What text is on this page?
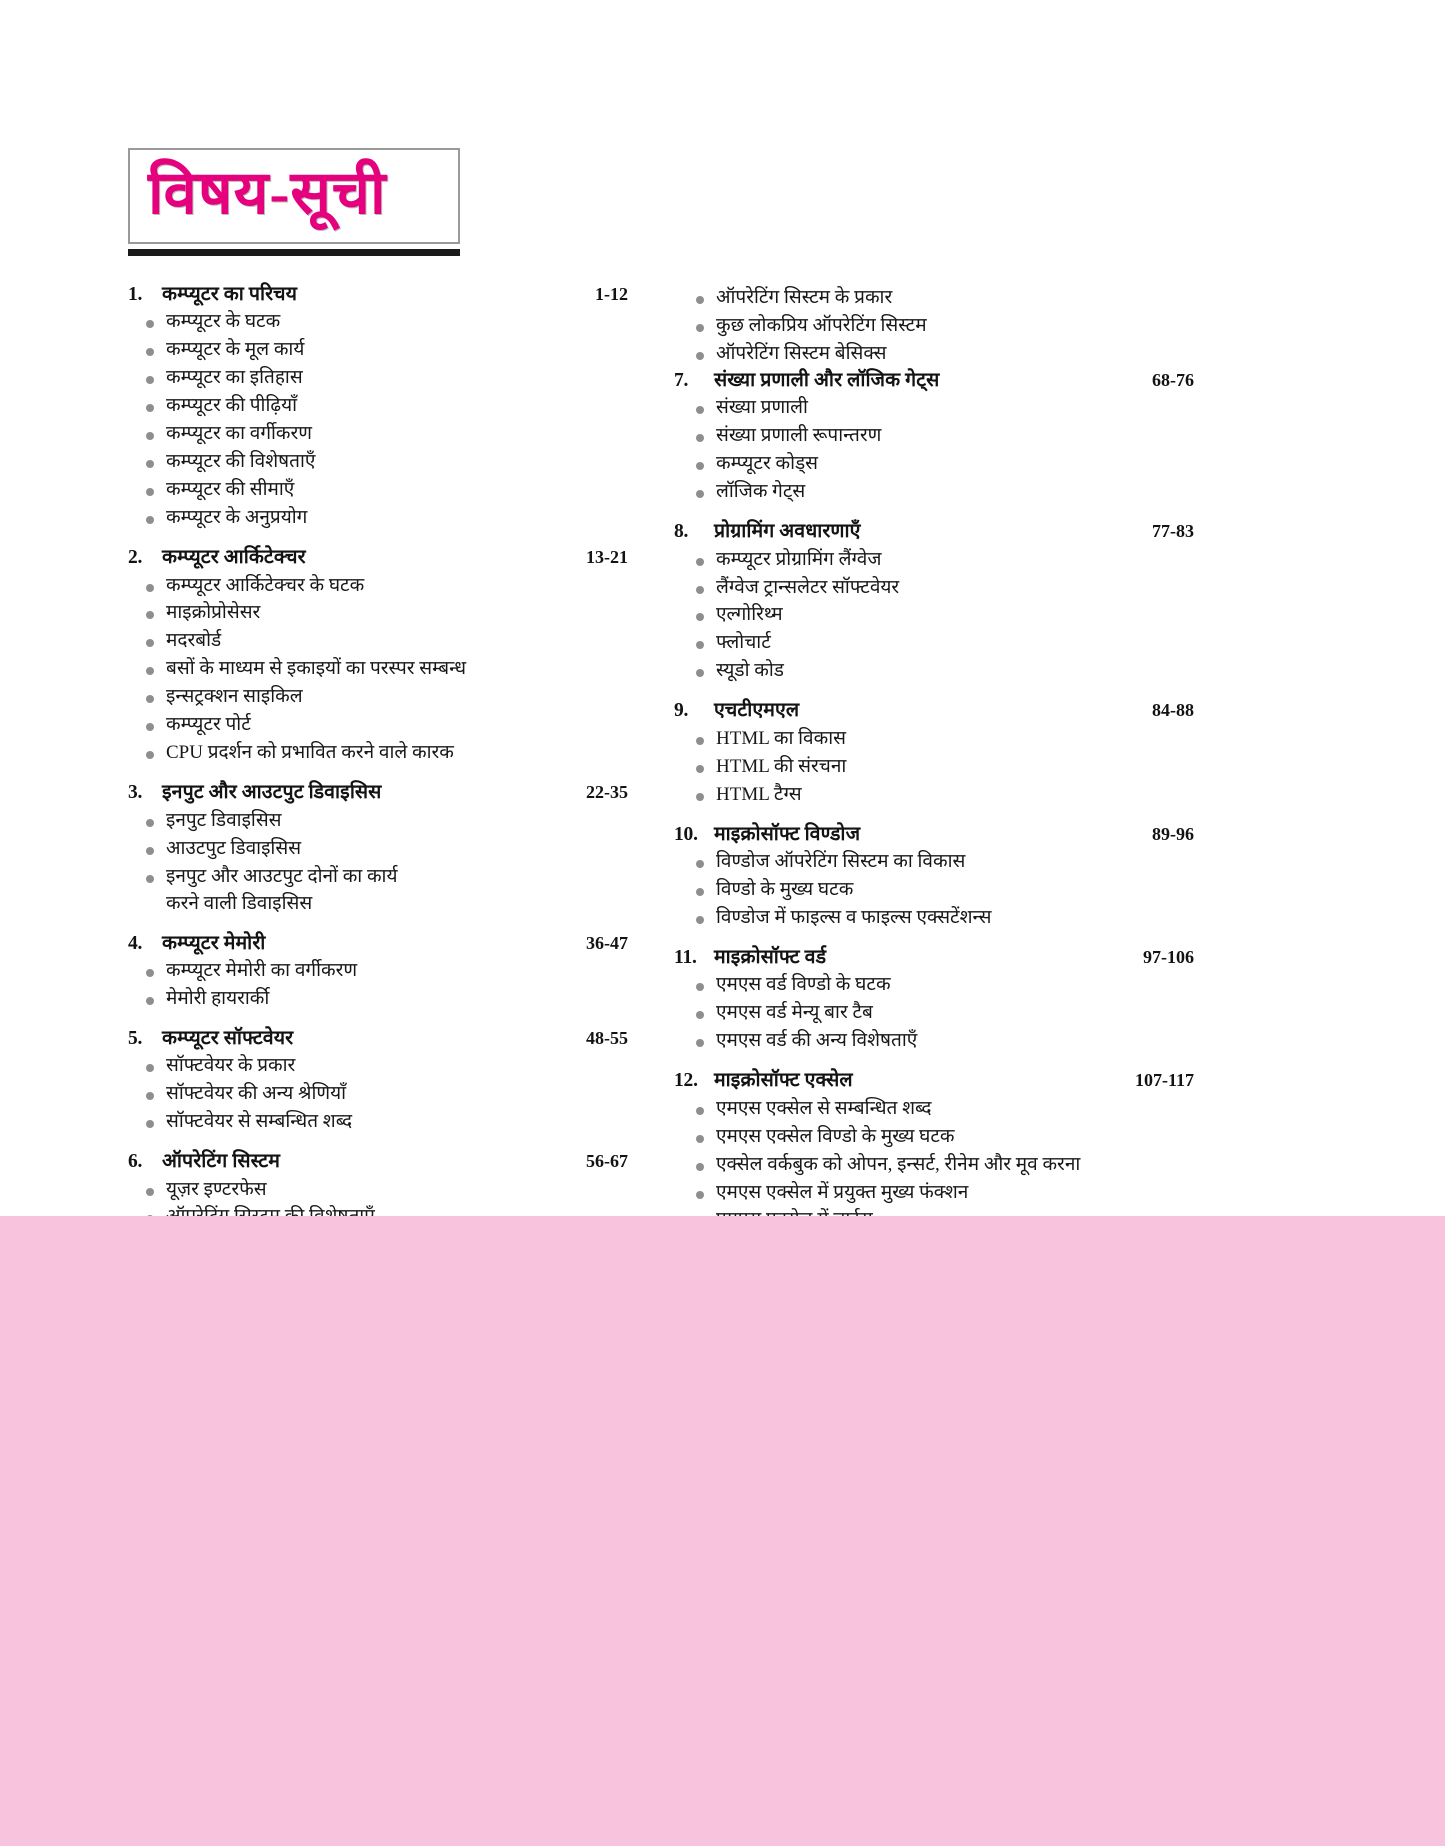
विषय-सूची
1.	कम्प्यूटर का परिचय	1-12
कम्प्यूटर के घटक
कम्प्यूटर के मूल कार्य
कम्प्यूटर का इतिहास
कम्प्यूटर की पीढ़ियाँ
कम्प्यूटर का वर्गीकरण
कम्प्यूटर की विशेषताएँ
कम्प्यूटर की सीमाएँ
कम्प्यूटर के अनुप्रयोग
2.	कम्प्यूटर आर्किटेक्चर	13-21
कम्प्यूटर आर्किटेक्चर के घटक
माइक्रोप्रोसेसर
मदरबोर्ड
बसों के माध्यम से इकाइयों का परस्पर सम्बन्ध
इन्सट्रक्शन साइकिल
कम्प्यूटर पोर्ट
CPU प्रदर्शन को प्रभावित करने वाले कारक
3.	इनपुट और आउटपुट डिवाइसिस	22-35
इनपुट डिवाइसिस
आउटपुट डिवाइसिस
इनपुट और आउटपुट दोनों का कार्य
करने वाली डिवाइसिस
4.	कम्प्यूटर मेमोरी	36-47
कम्प्यूटर मेमोरी का वर्गीकरण
मेमोरी हायरार्की
5.	कम्प्यूटर सॉफ्टवेयर	48-55
सॉफ्टवेयर के प्रकार
सॉफ्टवेयर की अन्य श्रेणियाँ
सॉफ्टवेयर से सम्बन्धित शब्द
6.	ऑपरेटिंग सिस्टम	56-67
यूज़र इण्टरफेस
ऑपरेटिंग सिस्टम के प्रकार
कुछ लोकप्रिय ऑपरेटिंग सिस्टम
ऑपरेटिंग सिस्टम बेसिक्स
7.	संख्या प्रणाली और लॉजिक गेट्स	68-76
संख्या प्रणाली
संख्या प्रणाली रूपान्तरण
कम्प्यूटर कोड्स
लॉजिक गेट्स
8.	प्रोग्रामिंग अवधारणाएँ	77-83
कम्प्यूटर प्रोग्रामिंग लैंग्वेज
लैंग्वेज ट्रान्सलेटर सॉफ्टवेयर
एल्गोरिथ्म
फ्लोचार्ट
स्यूडो कोड
9.	एचटीएमएल	84-88
HTML का विकास
HTML की संरचना
HTML टैग्स
10. माइक्रोसॉफ्ट विण्डोज	89-96
विण्डोज ऑपरेटिंग सिस्टम का विकास
विण्डो के मुख्य घटक
विण्डोज में फाइल्स व फाइल्स एक्सटेंशन्स
11. माइक्रोसॉफ्ट वर्ड	97-106
एमएस वर्ड विण्डो के घटक
एमएस वर्ड मेन्यू बार टैब
एमएस वर्ड की अन्य विशेषताएँ
12. माइक्रोसॉफ्ट एक्सेल	107-117
एमएस एक्सेल से सम्बन्धित शब्द
एमएस एक्सेल विण्डो के मुख्य घटक
एक्सेल वर्कबुक को ओपन, इन्सर्ट, रीनेम और मूव करना
एमएस एक्सेल में प्रयुक्त मुख्य फंक्शन
